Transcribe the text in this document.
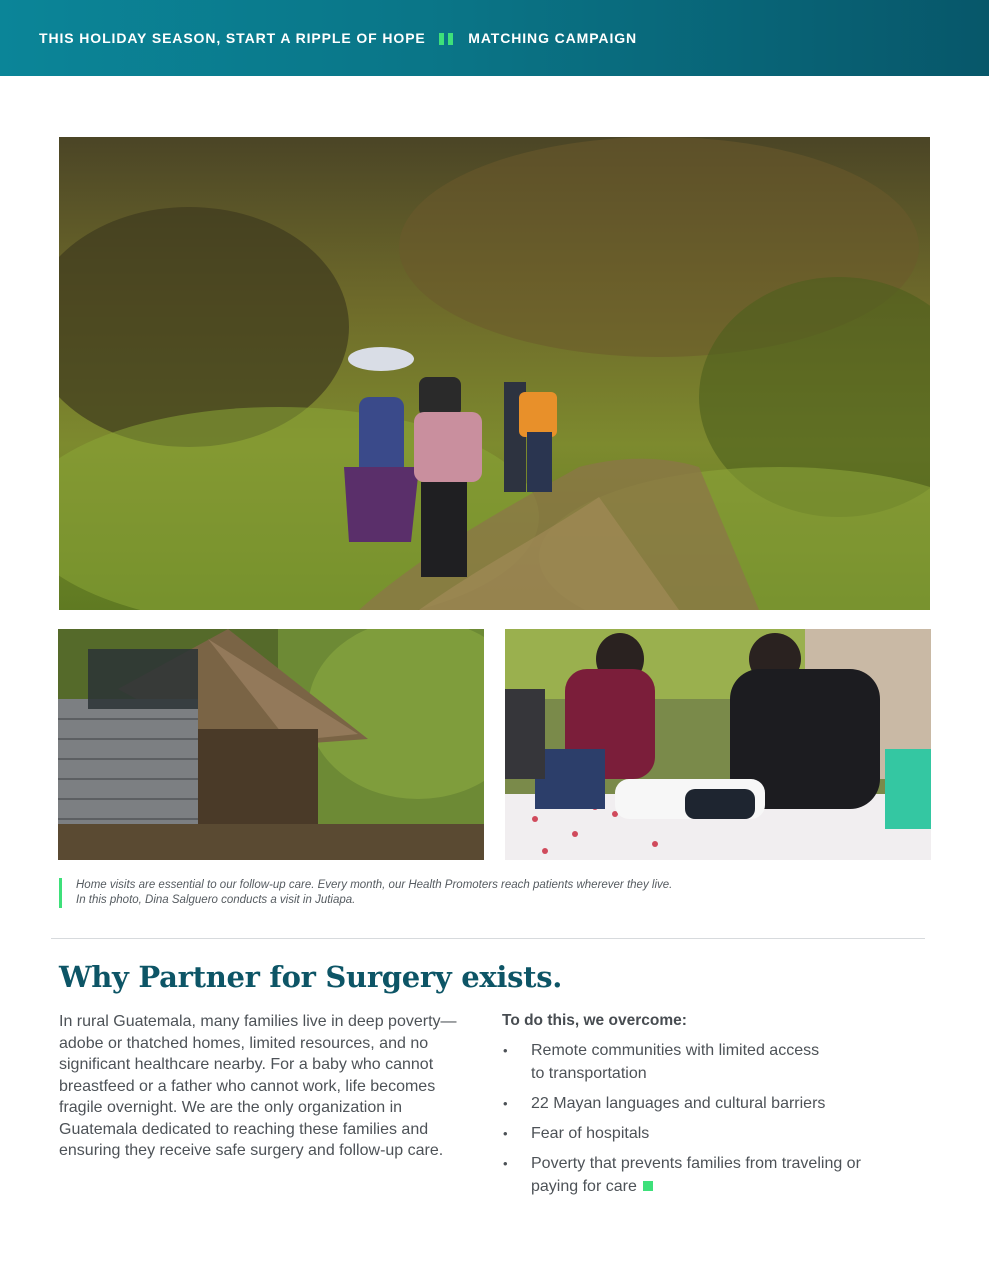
THIS HOLIDAY SEASON, START A RIPPLE OF HOPE	MATCHING CAMPAIGN
Home visits are essential to our follow-up care. Every month, our Health Promoters reach patients wherever they live.
In this photo, Dina Salguero conducts a visit in Jutiapa.
Why Partner for Surgery exists.
In rural Guatemala, many families live in deep poverty—
adobe or thatched homes, limited resources, and no
significant healthcare nearby. For a baby who cannot
breastfeed or a father who cannot work, life becomes
fragile overnight. We are the only organization in
Guatemala dedicated to reaching these families and
ensuring they receive safe surgery and follow-up care.
To do this, we overcome:
• Remote communities with limited access
to transportation
• 22 Mayan languages and cultural barriers
• Fear of hospitals
• Poverty that prevents families from traveling or
paying for care
